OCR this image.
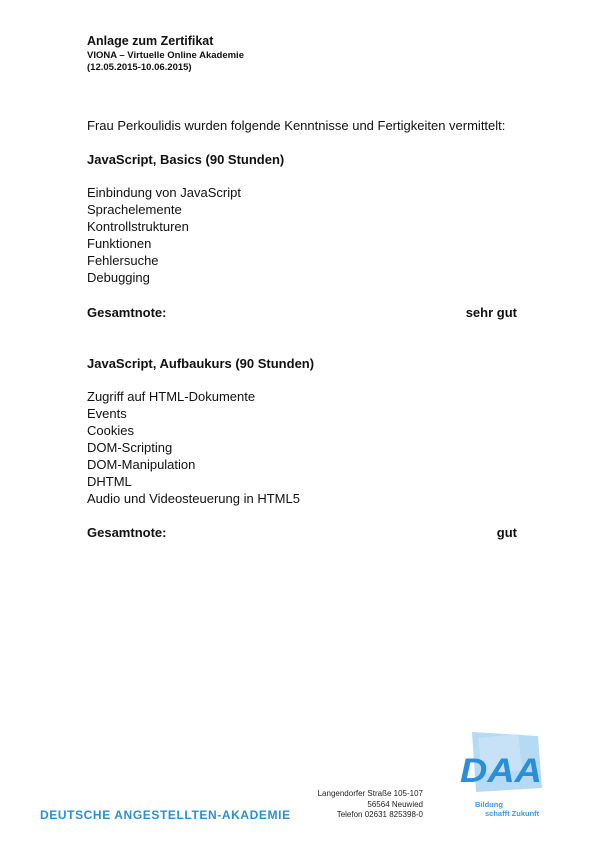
Anlage zum Zertifikat
VIONA – Virtuelle Online Akademie
(12.05.2015-10.06.2015)
Frau Perkoulidis wurden folgende Kenntnisse und Fertigkeiten vermittelt:
JavaScript, Basics (90 Stunden)
Einbindung von JavaScript
Sprachelemente
Kontrollstrukturen
Funktionen
Fehlersuche
Debugging
Gesamtnote:	sehr gut
JavaScript, Aufbaukurs (90 Stunden)
Zugriff auf HTML-Dokumente
Events
Cookies
DOM-Scripting
DOM-Manipulation
DHTML
Audio und Videosteuerung in HTML5
Gesamtnote:	gut
DEUTSCHE ANGESTELLTEN-AKADEMIE
Langendorfer Straße 105-107
56564 Neuwied
Telefon 02631 825398-0
DAA
Bildung
schafft Zukunft
